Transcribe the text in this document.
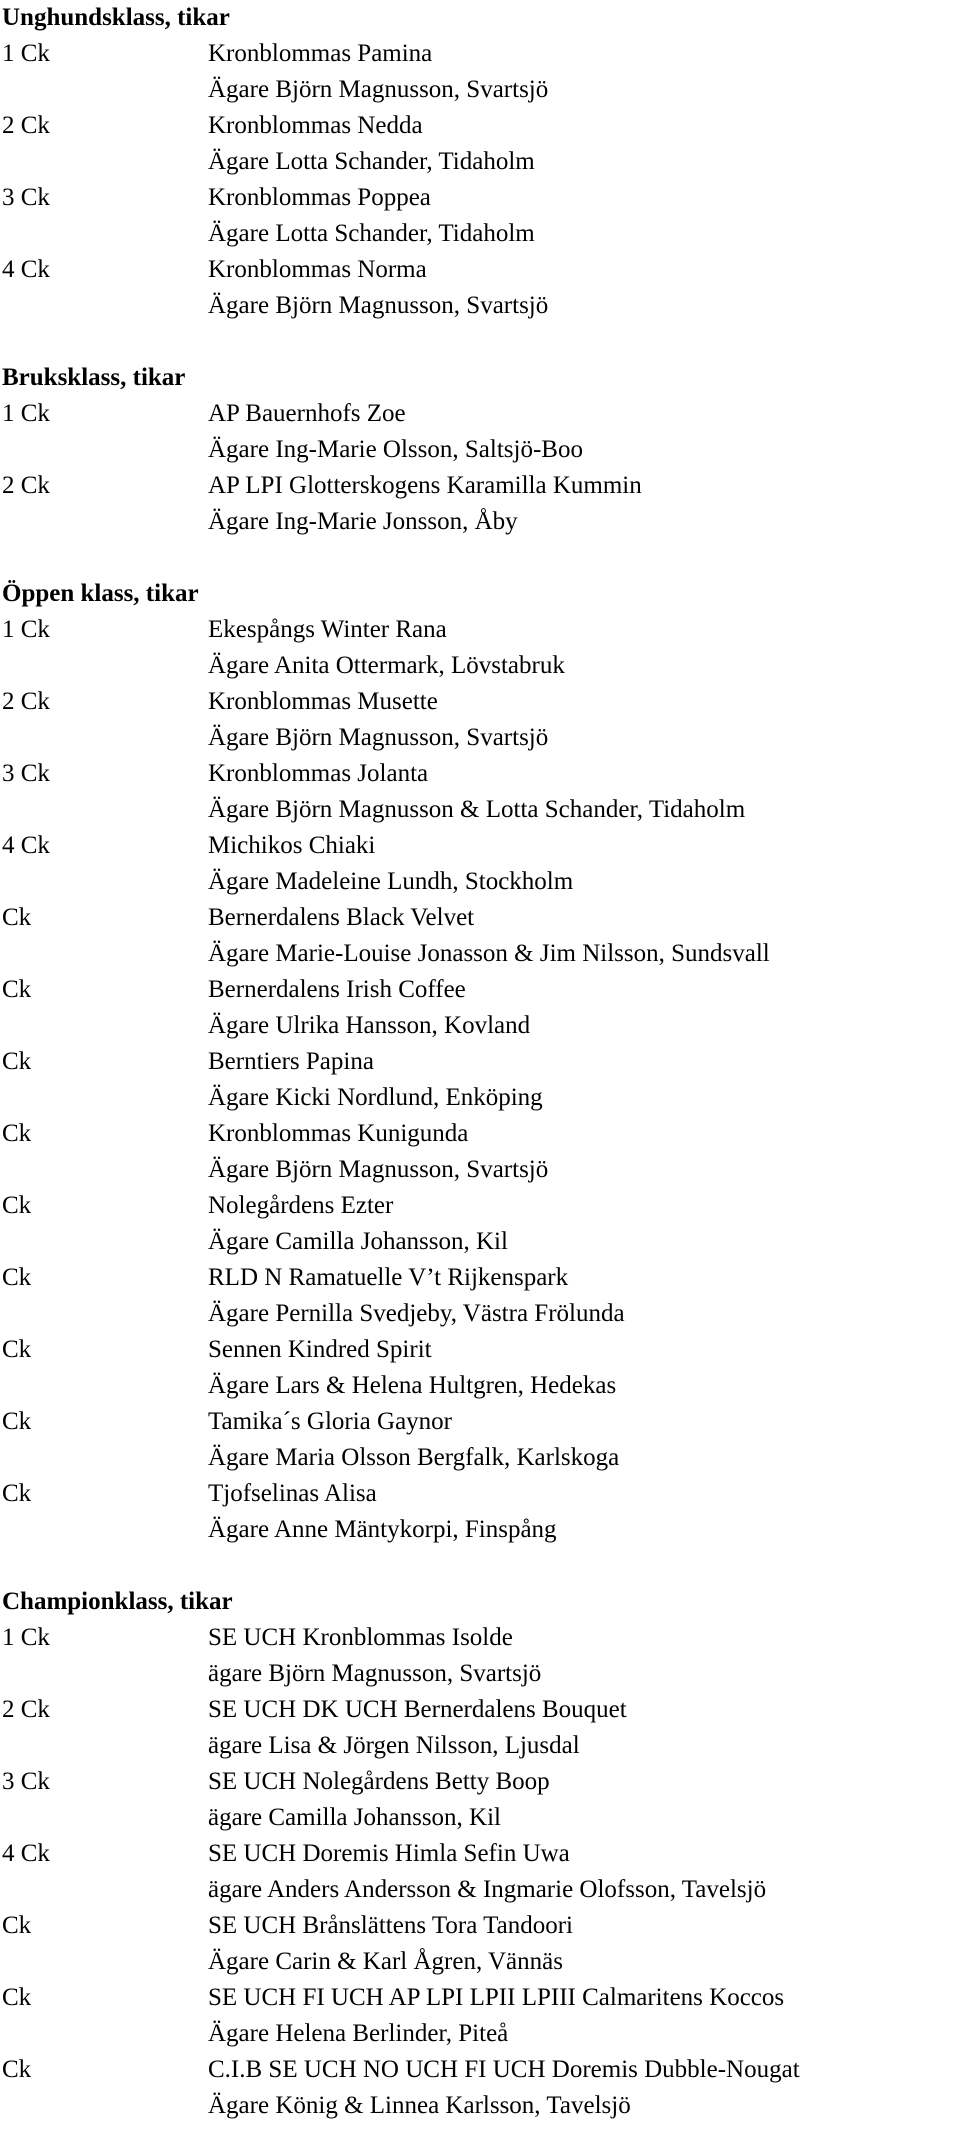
Unghundsklass, tikar
1 Ck	Kronblommas Pamina
Ägare Björn Magnusson, Svartsjö
2 Ck	Kronblommas Nedda
Ägare Lotta Schander, Tidaholm
3 Ck	Kronblommas Poppea
Ägare Lotta Schander, Tidaholm
4 Ck	Kronblommas Norma
Ägare Björn Magnusson, Svartsjö
Bruksklass, tikar
1 Ck	AP Bauernhofs Zoe
Ägare Ing-Marie Olsson, Saltsjö-Boo
2 Ck	AP LPI Glotterskogens Karamilla Kummin
Ägare Ing-Marie Jonsson, Åby
Öppen klass, tikar
1 Ck	Ekespångs Winter Rana
Ägare Anita Ottermark, Lövstabruk
2 Ck	Kronblommas Musette
Ägare Björn Magnusson, Svartsjö
3 Ck	Kronblommas Jolanta
Ägare Björn Magnusson & Lotta Schander, Tidaholm
4 Ck	Michikos Chiaki
Ägare Madeleine Lundh, Stockholm
Ck	Bernerdalens Black Velvet
Ägare Marie-Louise Jonasson & Jim Nilsson, Sundsvall
Ck	Bernerdalens Irish Coffee
Ägare Ulrika Hansson, Kovland
Ck	Berntiers Papina
Ägare Kicki Nordlund, Enköping
Ck	Kronblommas Kunigunda
Ägare Björn Magnusson, Svartsjö
Ck	Nolegårdens Ezter
Ägare Camilla Johansson, Kil
Ck	RLD N Ramatuelle V’t Rijkenspark
Ägare Pernilla Svedjeby, Västra Frölunda
Ck	Sennen Kindred Spirit
Ägare Lars & Helena Hultgren, Hedekas
Ck	Tamika´s Gloria Gaynor
Ägare Maria Olsson Bergfalk, Karlskoga
Ck	Tjofselinas Alisa
Ägare Anne Mäntykorpi, Finspång
Championklass, tikar
1 Ck	SE UCH Kronblommas Isolde
ägare Björn Magnusson, Svartsjö
2 Ck	SE UCH DK UCH Bernerdalens Bouquet
ägare Lisa & Jörgen Nilsson, Ljusdal
3 Ck	SE UCH Nolegårdens Betty Boop
ägare Camilla Johansson, Kil
4 Ck	SE UCH Doremis Himla Sefin Uwa
ägare Anders Andersson & Ingmarie Olofsson, Tavelsjö
Ck	SE UCH Brånslättens Tora Tandoori
Ägare Carin & Karl Ågren, Vännäs
Ck	SE UCH FI UCH AP LPI LPII LPIII Calmaritens Koccos
Ägare Helena Berlinder, Piteå
Ck	C.I.B SE UCH NO UCH FI UCH Doremis Dubble-Nougat
Ägare König & Linnea Karlsson, Tavelsjö
